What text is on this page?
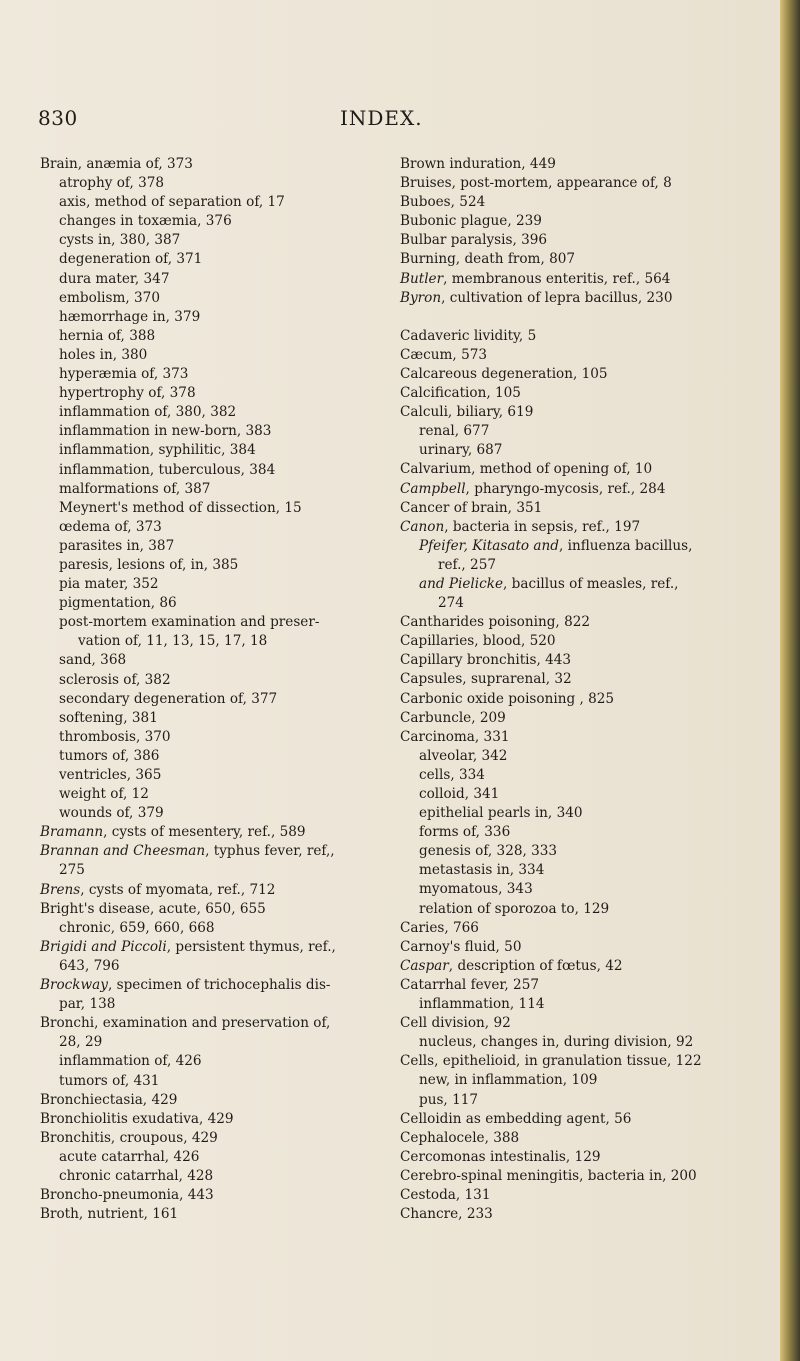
830	INDEX.
Brain, anæmia of, 373
atrophy of, 378
axis, method of separation of, 17
changes in toxæmia, 376
cysts in, 380, 387
degeneration of, 371
dura mater, 347
embolism, 370
hæmorrhage in, 379
hernia of, 388
holes in, 380
hyperæmia of, 373
hypertrophy of, 378
inflammation of, 380, 382
inflammation in new-born, 383
inflammation, syphilitic, 384
inflammation, tuberculous, 384
malformations of, 387
Meynert's method of dissection, 15
œdema of, 373
parasites in, 387
paresis, lesions of, in, 385
pia mater, 352
pigmentation, 86
post-mortem examination and preser-
vation of, 11, 13, 15, 17, 18
sand, 368
sclerosis of, 382
secondary degeneration of, 377
softening, 381
thrombosis, 370
tumors of, 386
ventricles, 365
weight of, 12
wounds of, 379
Bramann, cysts of mesentery, ref., 589
Brannan and Cheesman, typhus fever, ref,,
275
Brens, cysts of myomata, ref., 712
Bright's disease, acute, 650, 655
chronic, 659, 660, 668
Brigidi and Piccoli, persistent thymus, ref.,
643, 796
Brockway, specimen of trichocephalis dis-
par, 138
Bronchi, examination and preservation of,
28, 29
inflammation of, 426
tumors of, 431
Bronchiectasia, 429
Bronchiolitis exudativa, 429
Bronchitis, croupous, 429
acute catarrhal, 426
chronic catarrhal, 428
Broncho-pneumonia, 443
Broth, nutrient, 161
Brown induration, 449
Bruises, post-mortem, appearance of, 8
Buboes, 524
Bubonic plague, 239
Bulbar paralysis, 396
Burning, death from, 807
Butler, membranous enteritis, ref., 564
Byron, cultivation of lepra bacillus, 230
Cadaveric lividity, 5
Cæcum, 573
Calcareous degeneration, 105
Calcification, 105
Calculi, biliary, 619
renal, 677
urinary, 687
Calvarium, method of opening of, 10
Campbell, pharyngo-mycosis, ref., 284
Cancer of brain, 351
Canon, bacteria in sepsis, ref., 197
Pfeifer, Kitasato and, influenza bacillus,
ref., 257
and Pielicke, bacillus of measles, ref.,
274
Cantharides poisoning, 822
Capillaries, blood, 520
Capillary bronchitis, 443
Capsules, suprarenal, 32
Carbonic oxide poisoning , 825
Carbuncle, 209
Carcinoma, 331
alveolar, 342
cells, 334
colloid, 341
epithelial pearls in, 340
forms of, 336
genesis of, 328, 333
metastasis in, 334
myomatous, 343
relation of sporozoa to, 129
Caries, 766
Carnoy's fluid, 50
Caspar, description of fœtus, 42
Catarrhal fever, 257
inflammation, 114
Cell division, 92
nucleus, changes in, during division, 92
Cells, epithelioid, in granulation tissue, 122
new, in inflammation, 109
pus, 117
Celloidin as embedding agent, 56
Cephalocele, 388
Cercomonas intestinalis, 129
Cerebro-spinal meningitis, bacteria in, 200
Cestoda, 131
Chancre, 233
